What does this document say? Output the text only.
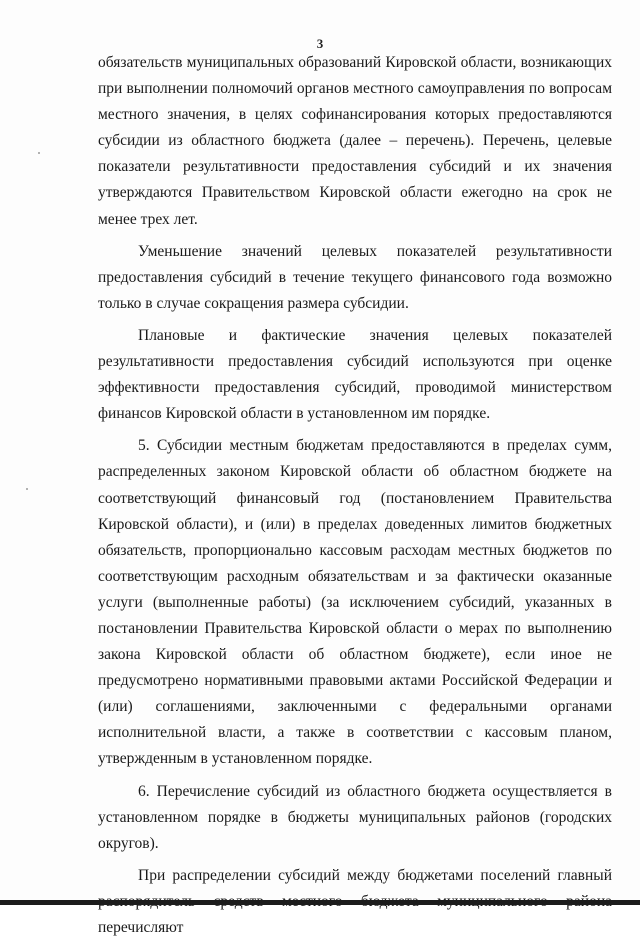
3

обязательств муниципальных образований Кировской области, возникающих при выполнении полномочий органов местного самоуправления по вопросам местного значения, в целях софинансирования которых предоставляются субсидии из областного бюджета (далее – перечень). Перечень, целевые показатели результативности предоставления субсидий и их значения утверждаются Правительством Кировской области ежегодно на срок не менее трех лет.

Уменьшение значений целевых показателей результативности предоставления субсидий в течение текущего финансового года возможно только в случае сокращения размера субсидии.

Плановые и фактические значения целевых показателей результативности предоставления субсидий используются при оценке эффективности предоставления субсидий, проводимой министерством финансов Кировской области в установленном им порядке.

5. Субсидии местным бюджетам предоставляются в пределах сумм, распределенных законом Кировской области об областном бюджете на соответствующий финансовый год (постановлением Правительства Кировской области), и (или) в пределах доведенных лимитов бюджетных обязательств, пропорционально кассовым расходам местных бюджетов по соответствующим расходным обязательствам и за фактически оказанные услуги (выполненные работы) (за исключением субсидий, указанных в постановлении Правительства Кировской области о мерах по выполнению закона Кировской области об областном бюджете), если иное не предусмотрено нормативными правовыми актами Российской Федерации и (или) соглашениями, заключенными с федеральными органами исполнительной власти, а также в соответствии с кассовым планом, утвержденным в установленном порядке.

6. Перечисление субсидий из областного бюджета осуществляется в установленном порядке в бюджеты муниципальных районов (городских округов).

При распределении субсидий между бюджетами поселений главный перечисляют
